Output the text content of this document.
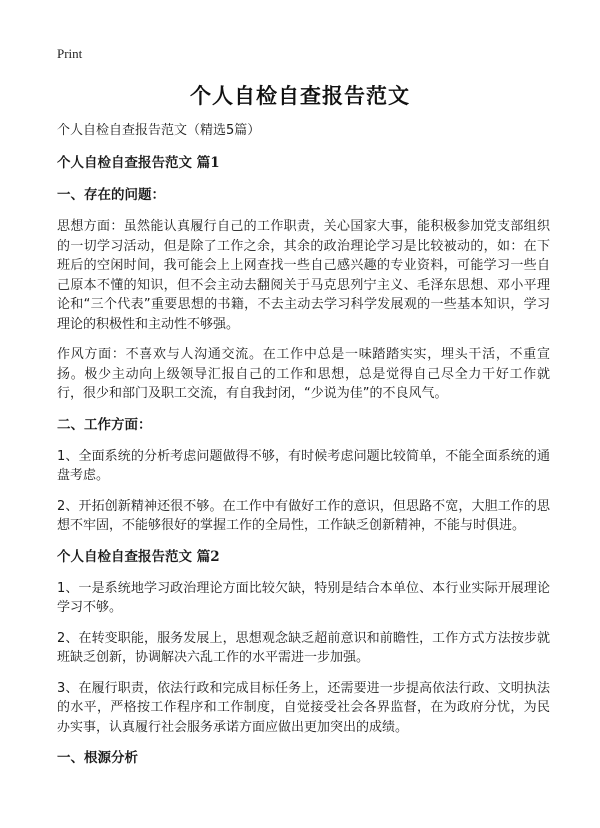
Print
个人自检自查报告范文
个人自检自查报告范文（精选5篇）
个人自检自查报告范文 篇1
一、存在的问题：

思想方面：虽然能认真履行自己的工作职责，关心国家大事，能积极参加党支部组织的一切学习活动，但是除了工作之余，其余的政治理论学习是比较被动的，如：在下班后的空闲时间，我可能会上上网查找一些自己感兴趣的专业资料，可能学习一些自己原本不懂的知识，但不会主动去翻阅关于马克思列宁主义、毛泽东思想、邓小平理论和“三个代表”重要思想的书籍，不去主动去学习科学发展观的一些基本知识，学习理论的积极性和主动性不够强。

作风方面：不喜欢与人沟通交流。在工作中总是一味踏踏实实，埋头干活，不重宣扬。极少主动向上级领导汇报自己的工作和思想，总是觉得自己尽全力干好工作就行，很少和部门及职工交流，有自我封闭，“少说为佳”的不良风气。

二、工作方面：

1、全面系统的分析考虑问题做得不够，有时候考虑问题比较简单，不能全面系统的通盘考虑。

2、开拓创新精神还很不够。在工作中有做好工作的意识，但思路不宽，大胆工作的思想不牢固，不能够很好的掌握工作的全局性，工作缺乏创新精神，不能与时俱进。

个人自检自查报告范文 篇2

1、一是系统地学习政治理论方面比较欠缺，特别是结合本单位、本行业实际开展理论学习不够。

2、在转变职能，服务发展上，思想观念缺乏超前意识和前瞻性，工作方式方法按步就班缺乏创新，协调解决六乱工作的水平需进一步加强。

3、在履行职责，依法行政和完成目标任务上，还需要进一步提高依法行政、文明执法的水平，严格按工作程序和工作制度，自觉接受社会各界监督，在为政府分忧，为民办实事，认真履行社会服务承诺方面应做出更加突出的成绩。

一、根源分析
